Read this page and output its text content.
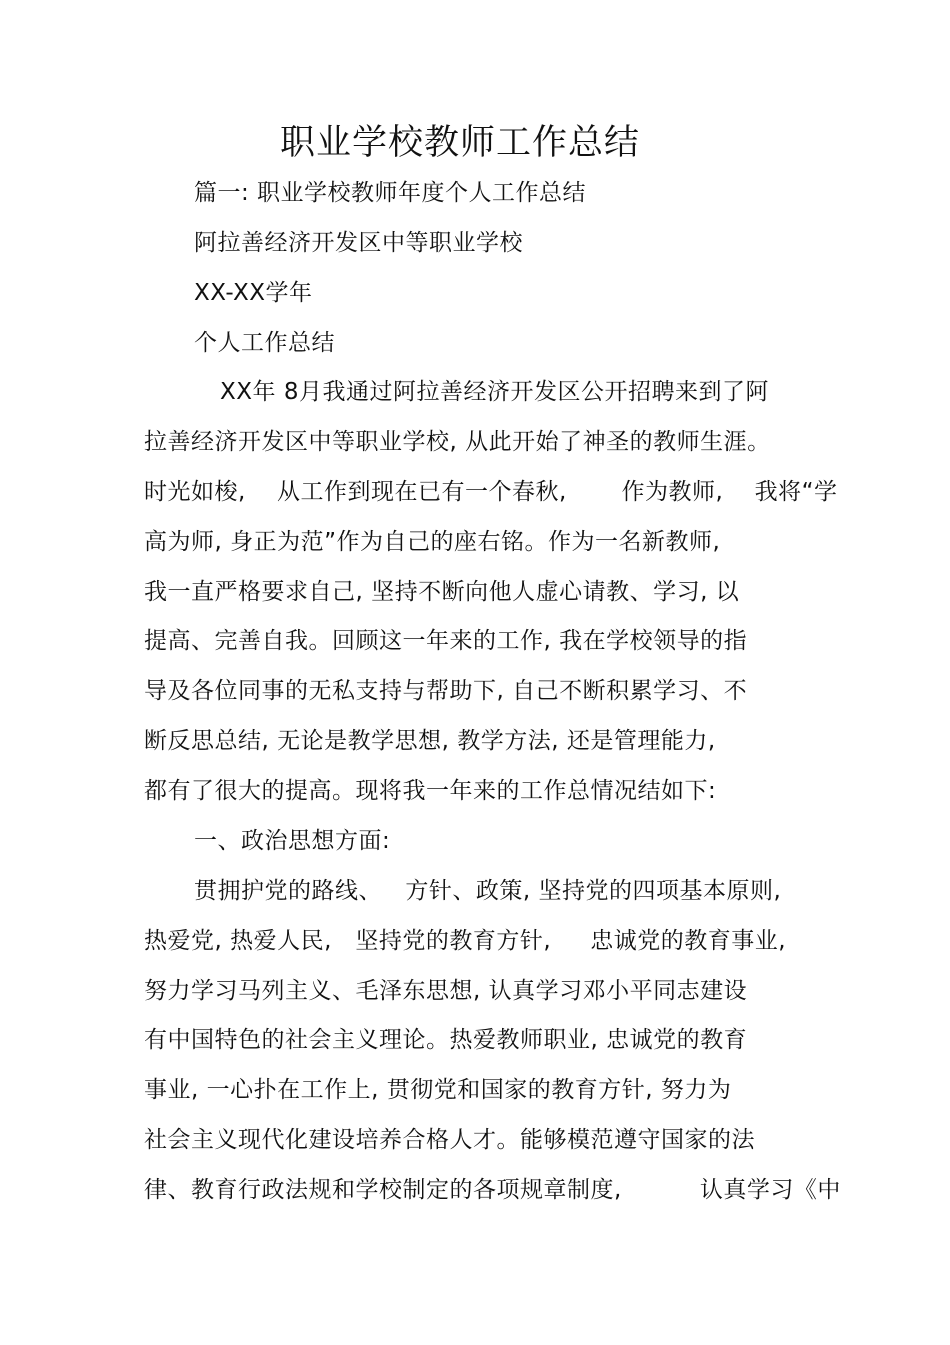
职业学校教师工作总结
篇一: 职业学校教师年度个人工作总结
阿拉善经济开发区中等职业学校
XX-XX学年
个人工作总结
XX年 8月我通过阿拉善经济开发区公开招聘来到了阿
拉善经济开发区中等职业学校, 从此开始了神圣的教师生涯。
时光如梭,    从工作到现在已有一个春秋,       作为教师,    我将“学
高为师, 身正为范”作为自己的座右铭。作为一名新教师,
我一直严格要求自己, 坚持不断向他人虚心请教、学习, 以
提高、完善自我。回顾这一年来的工作, 我在学校领导的指
导及各位同事的无私支持与帮助下, 自己不断积累学习、不
断反思总结, 无论是教学思想, 教学方法, 还是管理能力,
都有了很大的提高。现将我一年来的工作总情况结如下:
一、政治思想方面:
贯拥护党的路线、   方针、政策, 坚持党的四项基本原则,
热爱党, 热爱人民,   坚持党的教育方针,     忠诚党的教育事业,
努力学习马列主义、毛泽东思想, 认真学习邓小平同志建设
有中国特色的社会主义理论。热爱教师职业, 忠诚党的教育
事业, 一心扑在工作上, 贯彻党和国家的教育方针, 努力为
社会主义现代化建设培养合格人才。能够模范遵守国家的法
律、教育行政法规和学校制定的各项规章制度,          认真学习《中
